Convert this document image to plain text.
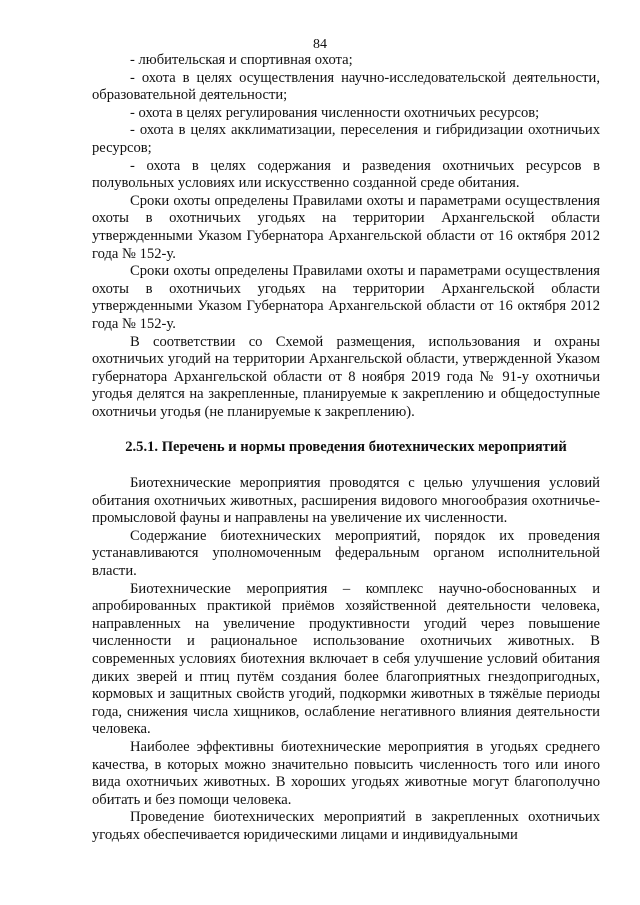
84

- любительская и спортивная охота;

- охота в целях осуществления научно-исследовательской деятельности, образовательной деятельности;

- охота в целях регулирования численности охотничьих ресурсов;

- охота в целях акклиматизации, переселения и гибридизации охотничьих ресурсов;

- охота в целях содержания и разведения охотничьих ресурсов в полувольных условиях или искусственно созданной среде обитания.

Сроки охоты определены Правилами охоты и параметрами осуществления охоты в охотничьих угодьях на территории Архангельской области утвержденными Указом Губернатора Архангельской области от 16 октября 2012 года № 152-у.

Сроки охоты определены Правилами охоты и параметрами осуществления охоты в охотничьих угодьях на территории Архангельской области утвержденными Указом Губернатора Архангельской области от 16 октября 2012 года № 152-у.

В соответствии со Схемой размещения, использования и охраны охотничьих угодий на территории Архангельской области, утвержденной Указом губернатора Архангельской области от 8 ноября 2019 года № 91-у охотничьи угодья делятся на закрепленные, планируемые к закреплению и общедоступные охотничьи угодья (не планируемые к закреплению).

2.5.1. Перечень и нормы проведения биотехнических мероприятий

Биотехнические мероприятия проводятся с целью улучшения условий обитания охотничьих животных, расширения видового многообразия охотничье-промысловой фауны и направлены на увеличение их численности.

Содержание биотехнических мероприятий, порядок их проведения устанавливаются уполномоченным федеральным органом исполнительной власти.

Биотехнические мероприятия – комплекс научно-обоснованных и апробированных практикой приёмов хозяйственной деятельности человека, направленных на увеличение продуктивности угодий через повышение численности и рациональное использование охотничьих животных. В современных условиях биотехния включает в себя улучшение условий обитания диких зверей и птиц путём создания более благоприятных гнездопригодных, кормовых и защитных свойств угодий, подкормки животных в тяжёлые периоды года, снижения числа хищников, ослабление негативного влияния деятельности человека.

Наиболее эффективны биотехнические мероприятия в угодьях среднего качества, в которых можно значительно повысить численность того или иного вида охотничьих животных. В хороших угодьях животные могут благополучно обитать и без помощи человека.

Проведение биотехнических мероприятий в закрепленных охотничьих угодьях обеспечивается юридическими лицами и индивидуальными
